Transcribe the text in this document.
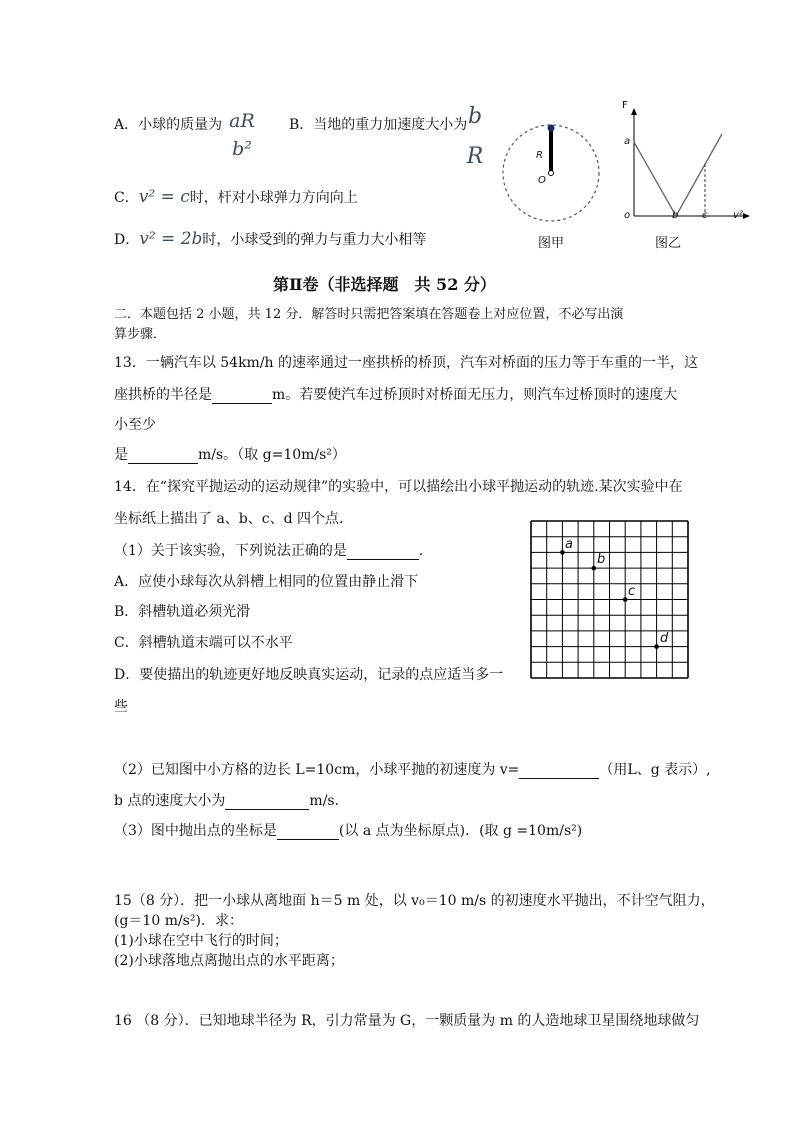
A．小球的质量为 aR
b²
B．当地的重力加速度大小为 b
R
C．v² = c时，杆对小球弹力方向向上
D．v² = 2b时，小球受到的弹力与重力大小相等
R
O
图甲
F
a
o	b c	v²
图乙
第Ⅱ卷（非选择题　共 52 分）
二．本题包括 2 小题，共 12 分．解答时只需把答案填在答题卷上对应位置，不必写出演
算步骤．
13．一辆汽车以 54km/h 的速率通过一座拱桥的桥顶，汽车对桥面的压力等于车重的一半，这
座拱桥的半径是	m。若要使汽车过桥顶时对桥面无压力，则汽车过桥顶时的速度大
小至少
是	m/s。（取 g=10m/s²）
14．在“探究平抛运动的运动规律”的实验中，可以描绘出小球平抛运动的轨迹.某次实验中在
坐标纸上描出了 a、b、c、d 四个点．
（1）关于该实验，下列说法正确的是	．
A．应使小球每次从斜槽上相同的位置由静止滑下
B．斜槽轨道必须光滑
C．斜槽轨道末端可以不水平
D．要使描出的轨迹更好地反映真实运动，记录的点应适当多一
些
a
b
c
d
（2）已知图中小方格的边长 L=10cm，小球平抛的初速度为 v=	（用L、g 表示）,
b 点的速度大小为	m/s.
（3）图中抛出点的坐标是	(以 a 点为坐标原点)．(取 g =10m/s²)
15（8 分）．把一小球从离地面 h＝5 m 处，以 v₀＝10 m/s 的初速度水平抛出，不计空气阻力，
(g＝10 m/s²)．求：
(1)小球在空中飞行的时间；
(2)小球落地点离抛出点的水平距离；
16 （8 分）．已知地球半径为 R，引力常量为 G，一颗质量为 m 的人造地球卫星围绕地球做匀
